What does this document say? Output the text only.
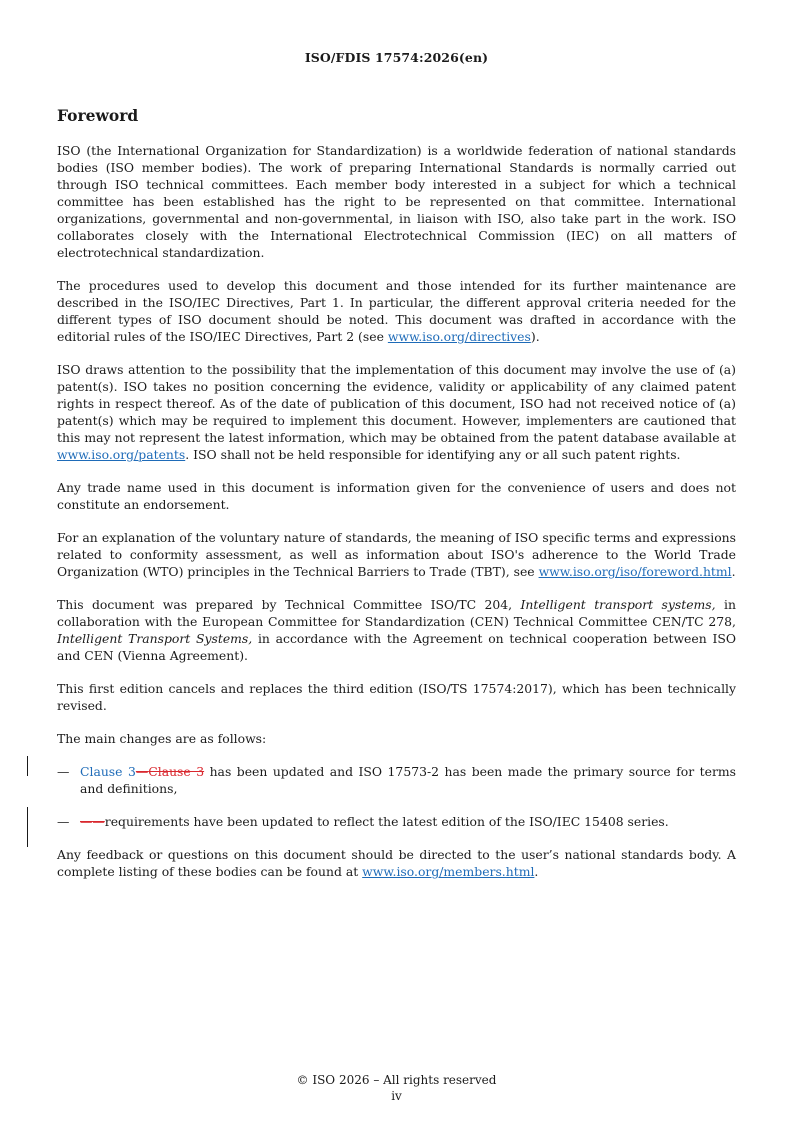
ISO/FDIS 17574:2026(en)
Foreword

ISO (the International Organization for Standardization) is a worldwide federation of national standards bodies (ISO member bodies). The work of preparing International Standards is normally carried out through ISO technical committees. Each member body interested in a subject for which a technical committee has been established has the right to be represented on that committee. International organizations, governmental and non-governmental, in liaison with ISO, also take part in the work. ISO collaborates closely with the International Electrotechnical Commission (IEC) on all matters of electrotechnical standardization.

The procedures used to develop this document and those intended for its further maintenance are described in the ISO/IEC Directives, Part 1. In particular, the different approval criteria needed for the different types of ISO document should be noted. This document was drafted in accordance with the editorial rules of the ISO/IEC Directives, Part 2 (see www.iso.org/directives).

ISO draws attention to the possibility that the implementation of this document may involve the use of (a) patent(s). ISO takes no position concerning the evidence, validity or applicability of any claimed patent rights in respect thereof. As of the date of publication of this document, ISO had not received notice of (a) patent(s) which may be required to implement this document. However, implementers are cautioned that this may not represent the latest information, which may be obtained from the patent database available at www.iso.org/patents. ISO shall not be held responsible for identifying any or all such patent rights.

Any trade name used in this document is information given for the convenience of users and does not constitute an endorsement.

For an explanation of the voluntary nature of standards, the meaning of ISO specific terms and expressions related to conformity assessment, as well as information about ISO's adherence to the World Trade Organization (WTO) principles in the Technical Barriers to Trade (TBT), see www.iso.org/iso/foreword.html.

This document was prepared by Technical Committee ISO/TC 204, Intelligent transport systems, in collaboration with the European Committee for Standardization (CEN) Technical Committee CEN/TC 278, Intelligent Transport Systems, in accordance with the Agreement on technical cooperation between ISO and CEN (Vienna Agreement).

This first edition cancels and replaces the third edition (ISO/TS 17574:2017), which has been technically revised.

The main changes are as follows:

— Clause 3—Clause 3 has been updated and ISO 17573-2 has been made the primary source for terms and definitions,
— ——requirements have been updated to reflect the latest edition of the ISO/IEC 15408 series.

Any feedback or questions on this document should be directed to the user’s national standards body. A complete listing of these bodies can be found at www.iso.org/members.html.

© ISO 2026 – All rights reserved
iv
